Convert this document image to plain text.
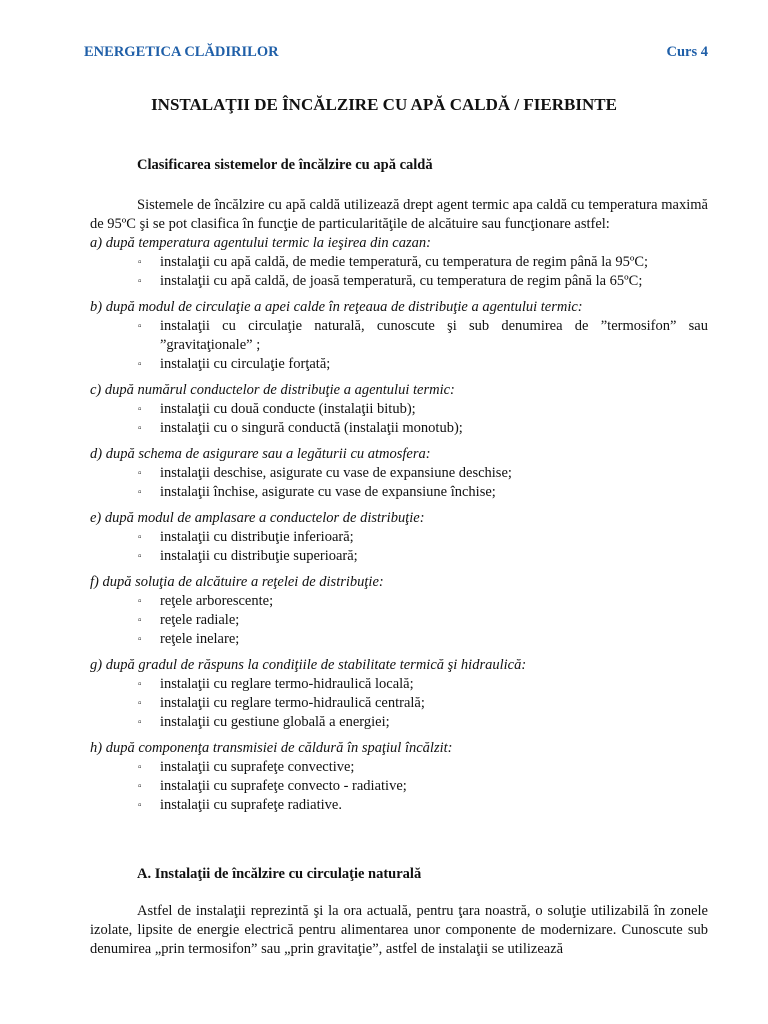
ENERGETICA CLĂDIRILOR	Curs 4
INSTALAŢII DE ÎNCĂLZIRE CU APĂ CALDĂ / FIERBINTE
Clasificarea sistemelor de încălzire cu apă caldă
Sistemele de încălzire cu apă caldă utilizează drept agent termic apa caldă cu temperatura maximă de 95ºC şi se pot clasifica în funcţie de particularităţile de alcătuire sau funcţionare astfel:
a) după temperatura agentului termic la ieşirea din cazan:
▫ instalaţii cu apă caldă, de medie temperatură, cu temperatura de regim până la 95ºC;
▫ instalaţii cu apă caldă, de joasă temperatură, cu temperatura de regim până la 65ºC;
b) după modul de circulaţie a apei calde în reţeaua de distribuţie a agentului termic:
▫ instalaţii cu circulaţie naturală, cunoscute şi sub denumirea de ”termosifon” sau ”gravitaţionale” ;
▫ instalaţii cu circulaţie forţată;
c) după numărul conductelor de distribuţie a agentului termic:
▫ instalaţii cu două conducte (instalaţii bitub);
▫ instalaţii cu o singură conductă (instalaţii monotub);
d) după schema de asigurare sau a legăturii cu atmosfera:
▫ instalaţii deschise, asigurate cu vase de expansiune deschise;
▫ instalaţii închise, asigurate cu vase de expansiune închise;
e) după modul de amplasare a conductelor de distribuţie:
▫ instalaţii cu distribuţie inferioară;
▫ instalaţii cu distribuţie superioară;
f) după soluţia de alcătuire a reţelei de distribuţie:
▫ reţele arborescente;
▫ reţele radiale;
▫ reţele inelare;
g) după gradul de răspuns la condiţiile de stabilitate termică şi hidraulică:
▫ instalaţii cu reglare termo-hidraulică locală;
▫ instalaţii cu reglare termo-hidraulică centrală;
▫ instalaţii cu gestiune globală a energiei;
h) după componenţa transmisiei de căldură în spaţiul încălzit:
▫ instalaţii cu suprafeţe convective;
▫ instalaţii cu suprafeţe convecto - radiative;
▫ instalaţii cu suprafeţe radiative.
A. Instalaţii de încălzire cu circulaţie naturală
Astfel de instalaţii reprezintă şi la ora actuală, pentru ţara noastră, o soluţie utilizabilă în zonele izolate, lipsite de energie electrică pentru alimentarea unor componente de modernizare. Cunoscute sub denumirea „prin termosifon” sau „prin gravitaţie”, astfel de instalaţii se utilizează
